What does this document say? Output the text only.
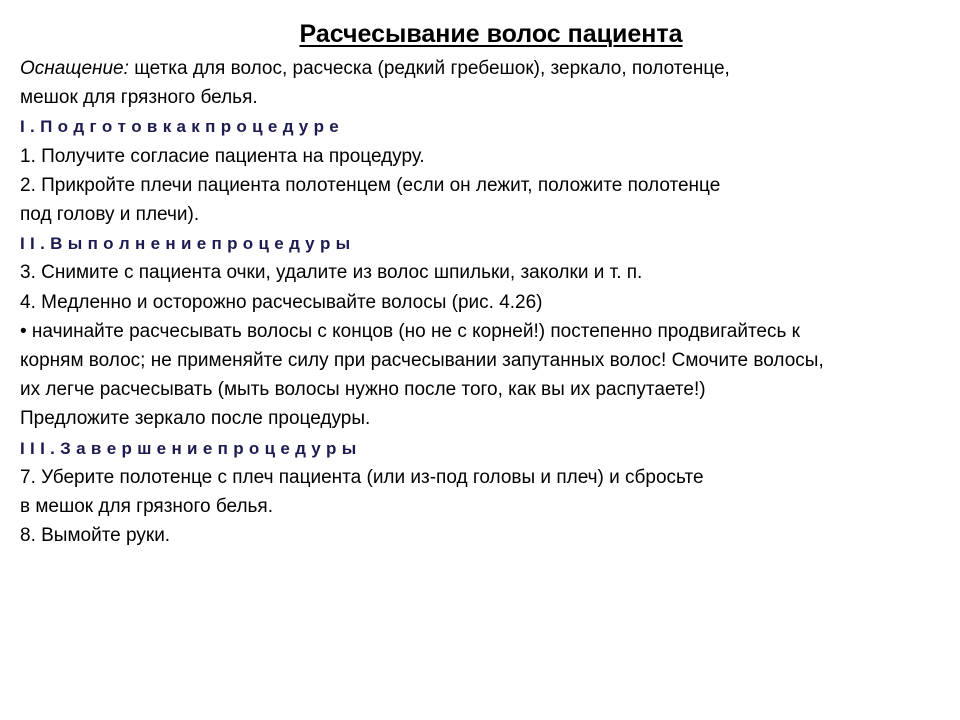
Расчесывание волос пациента
Оснащение: щетка для волос, расческа (редкий гребешок), зеркало, полотенце,
мешок для грязного белья.
I . П о д г о т о в к а к п р о ц е д у р е
1. Получите согласие пациента на процедуру.
2. Прикройте плечи пациента полотенцем (если он лежит, положите полотенце
под голову и плечи).
I I . В ы п о л н е н и е п р о ц е д у р ы
3. Снимите с пациента очки, удалите из волос шпильки, заколки и т. п.
4. Медленно и осторожно расчесывайте волосы (рис. 4.26)
• начинайте расчесывать волосы с концов (но не с корней!) постепенно продвигайтесь к
корням волос; не применяйте силу при расчесывании запутанных волос! Смочите волосы,
их легче расчесывать (мыть волосы нужно после того, как вы их распутаете!)
Предложите зеркало после процедуры.
I I I . З а в е р ш е н и е п р о ц е д у р ы
7. Уберите полотенце с плеч пациента (или из-под головы и плеч) и сбросьте
в мешок для грязного белья.
8. Вымойте руки.
